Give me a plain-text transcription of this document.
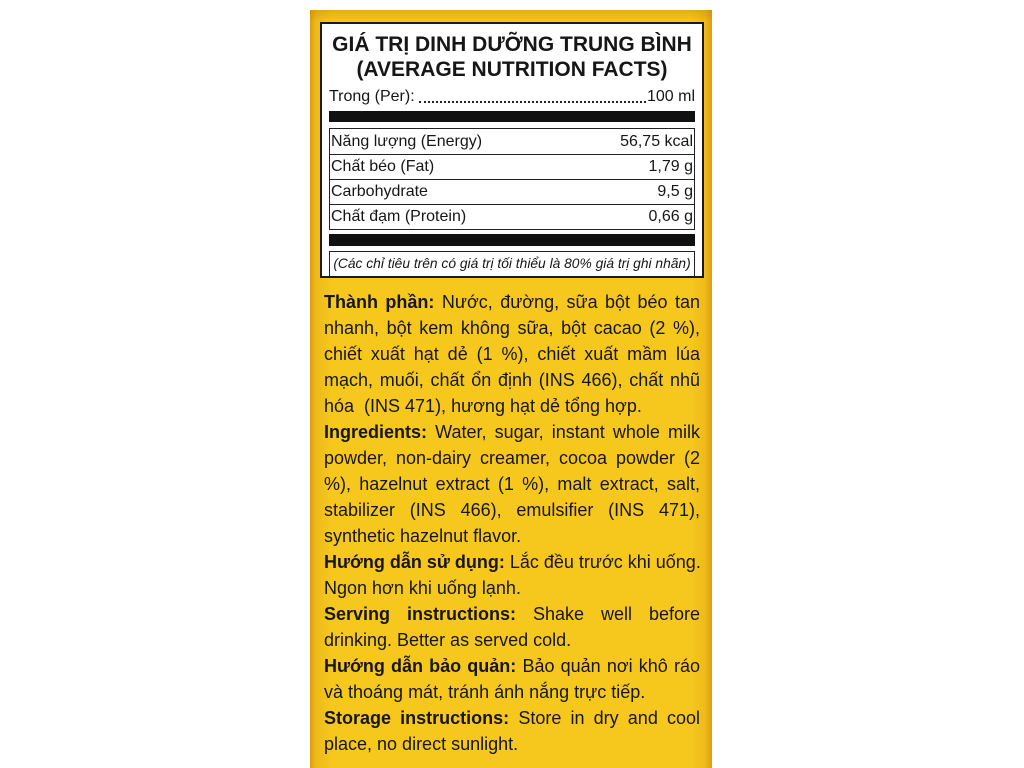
GIÁ TRỊ DINH DƯỠNG TRUNG BÌNH
(AVERAGE NUTRITION FACTS)
Trong (Per):	100 ml
Năng lượng (Energy)	56,75 kcal
Chất béo (Fat)	1,79 g
Carbohydrate	9,5 g
Chất đạm (Protein)	0,66 g
(Các chỉ tiêu trên có giá trị tối thiểu là 80% giá trị ghi nhãn)
Thành phần: Nước, đường, sữa bột béo tan
nhanh, bột kem không sữa, bột cacao (2 %),
chiết xuất hạt dẻ (1 %), chiết xuất mầm lúa
mạch, muối, chất ổn định (INS 466), chất nhũ
hóa  (INS 471), hương hạt dẻ tổng hợp.
Ingredients: Water, sugar, instant whole milk
powder, non-dairy creamer, cocoa powder (2
%), hazelnut extract (1 %), malt extract, salt,
stabilizer (INS 466), emulsifier (INS 471),
synthetic hazelnut flavor.
Hướng dẫn sử dụng: Lắc đều trước khi uống.
Ngon hơn khi uống lạnh.
Serving instructions: Shake well before
drinking. Better as served cold.
Hướng dẫn bảo quản: Bảo quản nơi khô ráo
và thoáng mát, tránh ánh nắng trực tiếp.
Storage instructions: Store in dry and cool
place, no direct sunlight.
